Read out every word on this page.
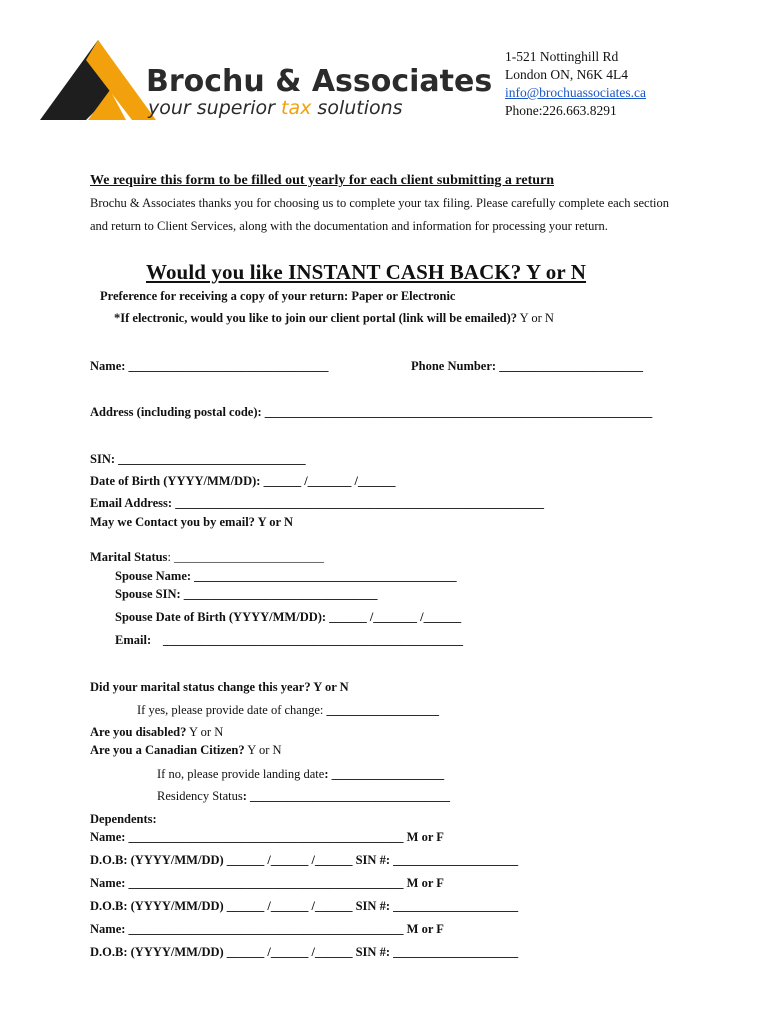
Brochu & Associates
your superior tax solutions
1-521 Nottinghill Rd
London ON, N6K 4L4
info@brochuassociates.ca
Phone:226.663.8291
We require this form to be filled out yearly for each client submitting a return
Brochu & Associates thanks you for choosing us to complete your tax filing. Please carefully complete each section
and return to Client Services, along with the documentation and information for processing your return.
Would you like INSTANT CASH BACK? Y or N
Preference for receiving a copy of your return: Paper or Electronic
*If electronic, would you like to join our client portal (link will be emailed)? Y or N
Name: ________________________________	Phone Number: _______________________
Address (including postal code): ______________________________________________________________
SIN: ______________________________
Date of Birth (YYYY/MM/DD): ______ /_______ /______
Email Address: ___________________________________________________________
May we Contact you by email? Y or N
Marital Status: ________________________
Spouse Name: __________________________________________
Spouse SIN: _______________________________
Spouse Date of Birth (YYYY/MM/DD): ______ /_______ /______
Email: ________________________________________________
Did your marital status change this year? Y or N
If yes, please provide date of change: __________________
Are you disabled? Y or N
Are you a Canadian Citizen? Y or N
If no, please provide landing date: __________________
Residency Status: ________________________________
Dependents:
Name: ____________________________________________ M or F
D.O.B: (YYYY/MM/DD) ______ /______ /______ SIN #: ____________________
Name: ____________________________________________ M or F
D.O.B: (YYYY/MM/DD) ______ /______ /______ SIN #: ____________________
Name: ____________________________________________ M or F
D.O.B: (YYYY/MM/DD) ______ /______ /______ SIN #: ____________________
